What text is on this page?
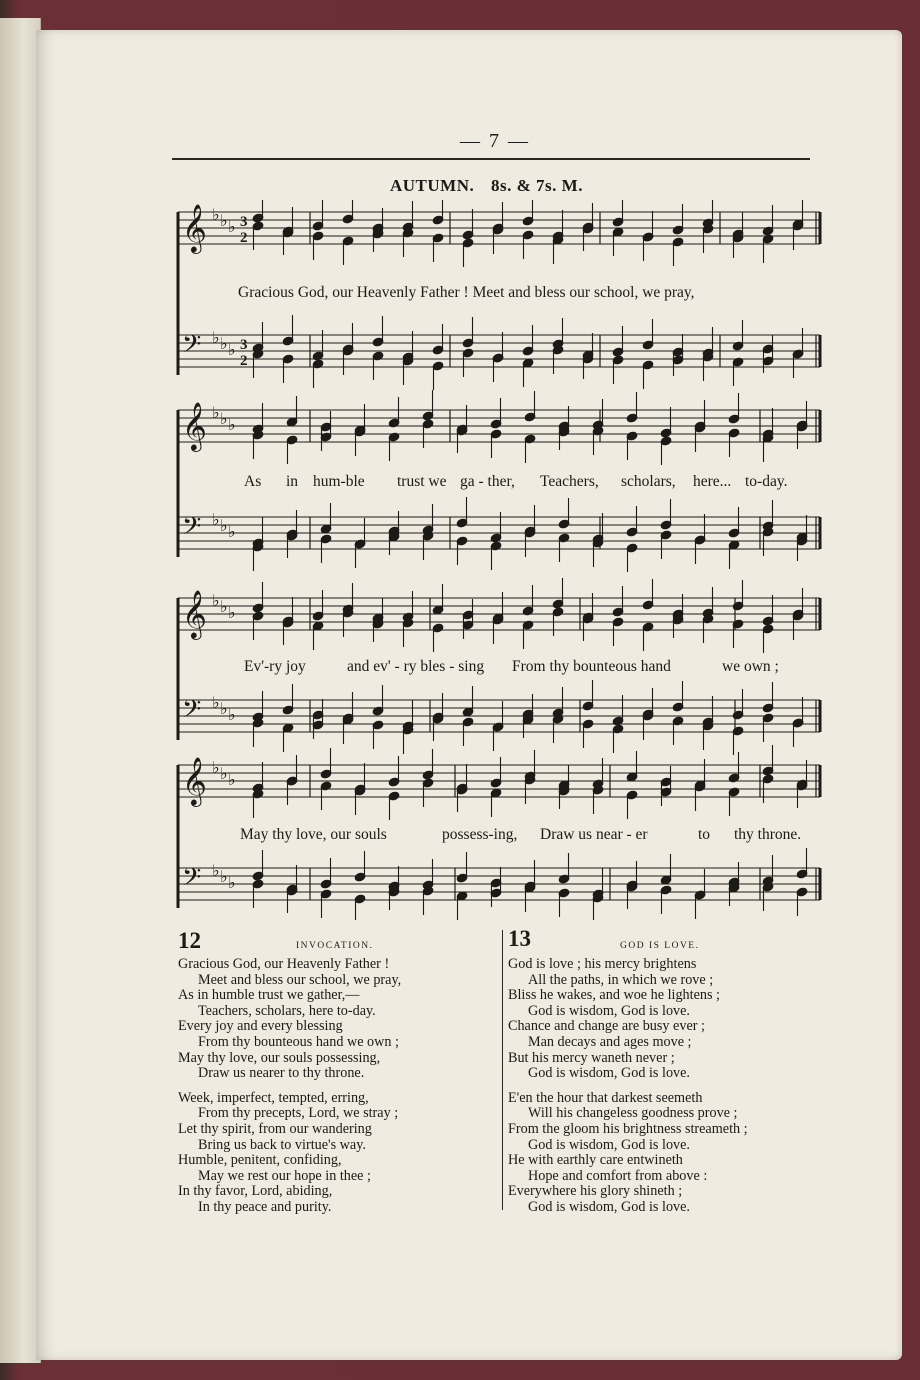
— 7 —
AUTUMN. 8s. & 7s. M.
𝄞 ♭ ♭ ♭ 3
2
𝄢 ♭ ♭ ♭ 3
2
𝄞 ♭ ♭ ♭
𝄢 ♭ ♭ ♭
𝄞 ♭ ♭ ♭
𝄢 ♭ ♭ ♭
𝄞 ♭ ♭ ♭
𝄢 ♭ ♭ ♭
Gracious God, our Heavenly Father ! Meet and bless our school, we pray,
As in hum-ble trust we ga - ther, Teachers, scholars, here... to-day.
Ev'-ry joy	and ev' - ry bles - sing From thy bounteous hand	we own ;
May thy love, our souls	possess-ing, Draw us near - er	to thy throne.
12	INVOCATION.
Gracious God, our Heavenly Father !
Meet and bless our school, we pray,
As in humble trust we gather,—
Teachers, scholars, here to-day.
Every joy and every blessing
From thy bounteous hand we own ;
May thy love, our souls possessing,
Draw us nearer to thy throne.
Week, imperfect, tempted, erring,
From thy precepts, Lord, we stray ;
Let thy spirit, from our wandering
Bring us back to virtue's way.
Humble, penitent, confiding,
May we rest our hope in thee ;
In thy favor, Lord, abiding,
In thy peace and purity.
13	GOD IS LOVE.
God is love ; his mercy brightens
All the paths, in which we rove ;
Bliss he wakes, and woe he lightens ;
God is wisdom, God is love.
Chance and change are busy ever ;
Man decays and ages move ;
But his mercy waneth never ;
God is wisdom, God is love.
E'en the hour that darkest seemeth
Will his changeless goodness prove ;
From the gloom his brightness streameth ;
God is wisdom, God is love.
He with earthly care entwineth
Hope and comfort from above :
Everywhere his glory shineth ;
God is wisdom, God is love.
